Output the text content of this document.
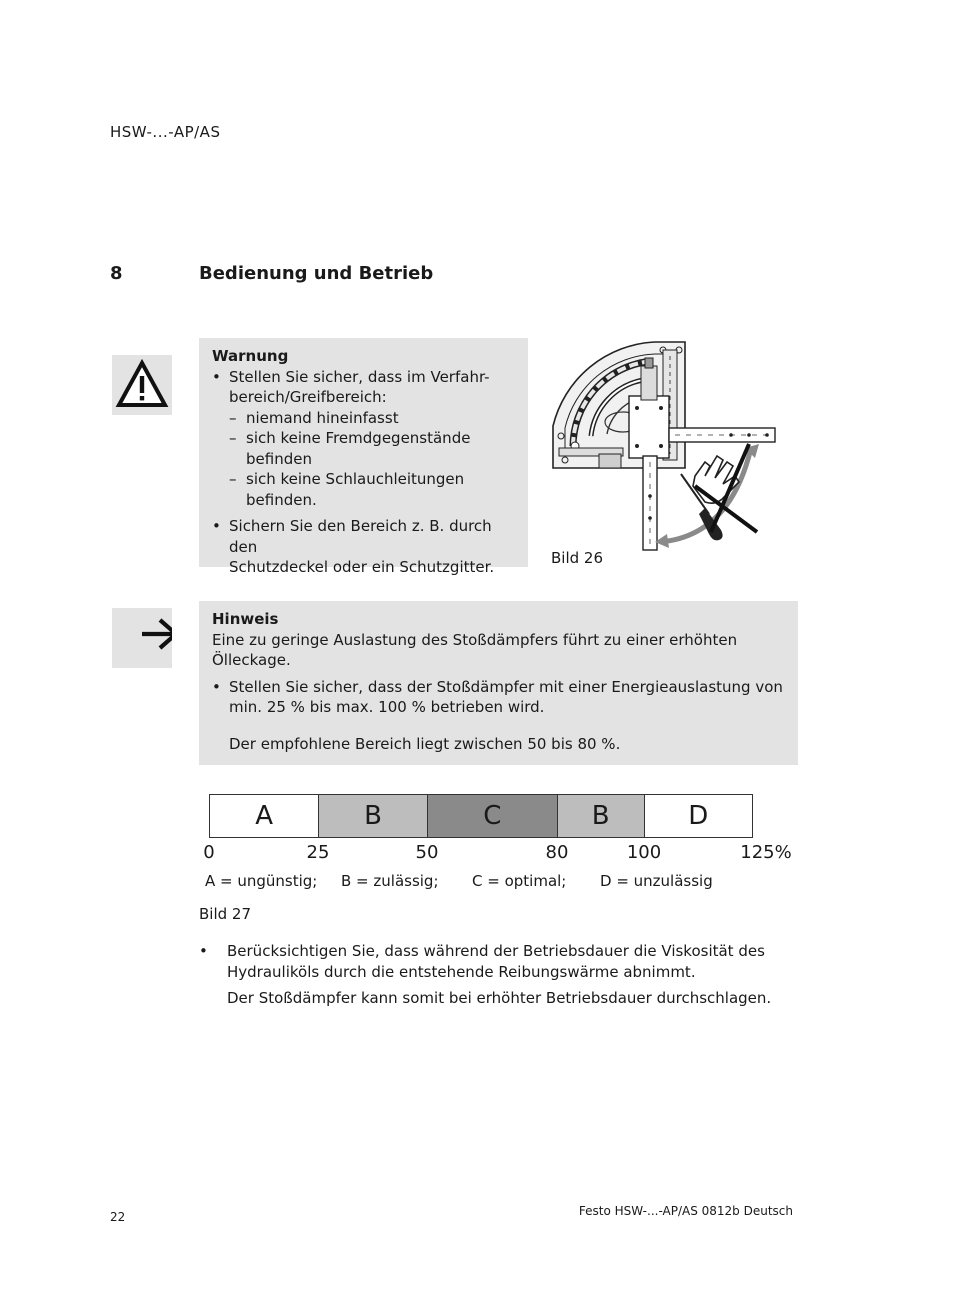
HSW-...-AP/AS
8	Bedienung und Betrieb
Warnung
• Stellen Sie sicher, dass im Verfahr-
bereich/Greifbereich:
– niemand hineinfasst
– sich keine Fremdgegenstände
befinden
– sich keine Schlauchleitungen
befinden.
• Sichern Sie den Bereich z. B. durch den
Schutzdeckel oder ein Schutzgitter.	Bild 26
Hinweis
Eine zu geringe Auslastung des Stoßdämpfers führt zu einer erhöhten
Ölleckage.
• Stellen Sie sicher, dass der Stoßdämpfer mit einer Energieauslastung von
min. 25 % bis max. 100 % betrieben wird.
Der empfohlene Bereich liegt zwischen 50 bis 80 %.
A	B	C	B	D
0	25	50	80	100	125%
A = ungünstig; B = zulässig; C = optimal; D = unzulässig
Bild 27
• Berücksichtigen Sie, dass während der Betriebsdauer die Viskosität des
Hydrauliköls durch die entstehende Reibungswärme abnimmt.
Der Stoßdämpfer kann somit bei erhöhter Betriebsdauer durchschlagen.
22	Festo HSW-...-AP/AS 0812b Deutsch
